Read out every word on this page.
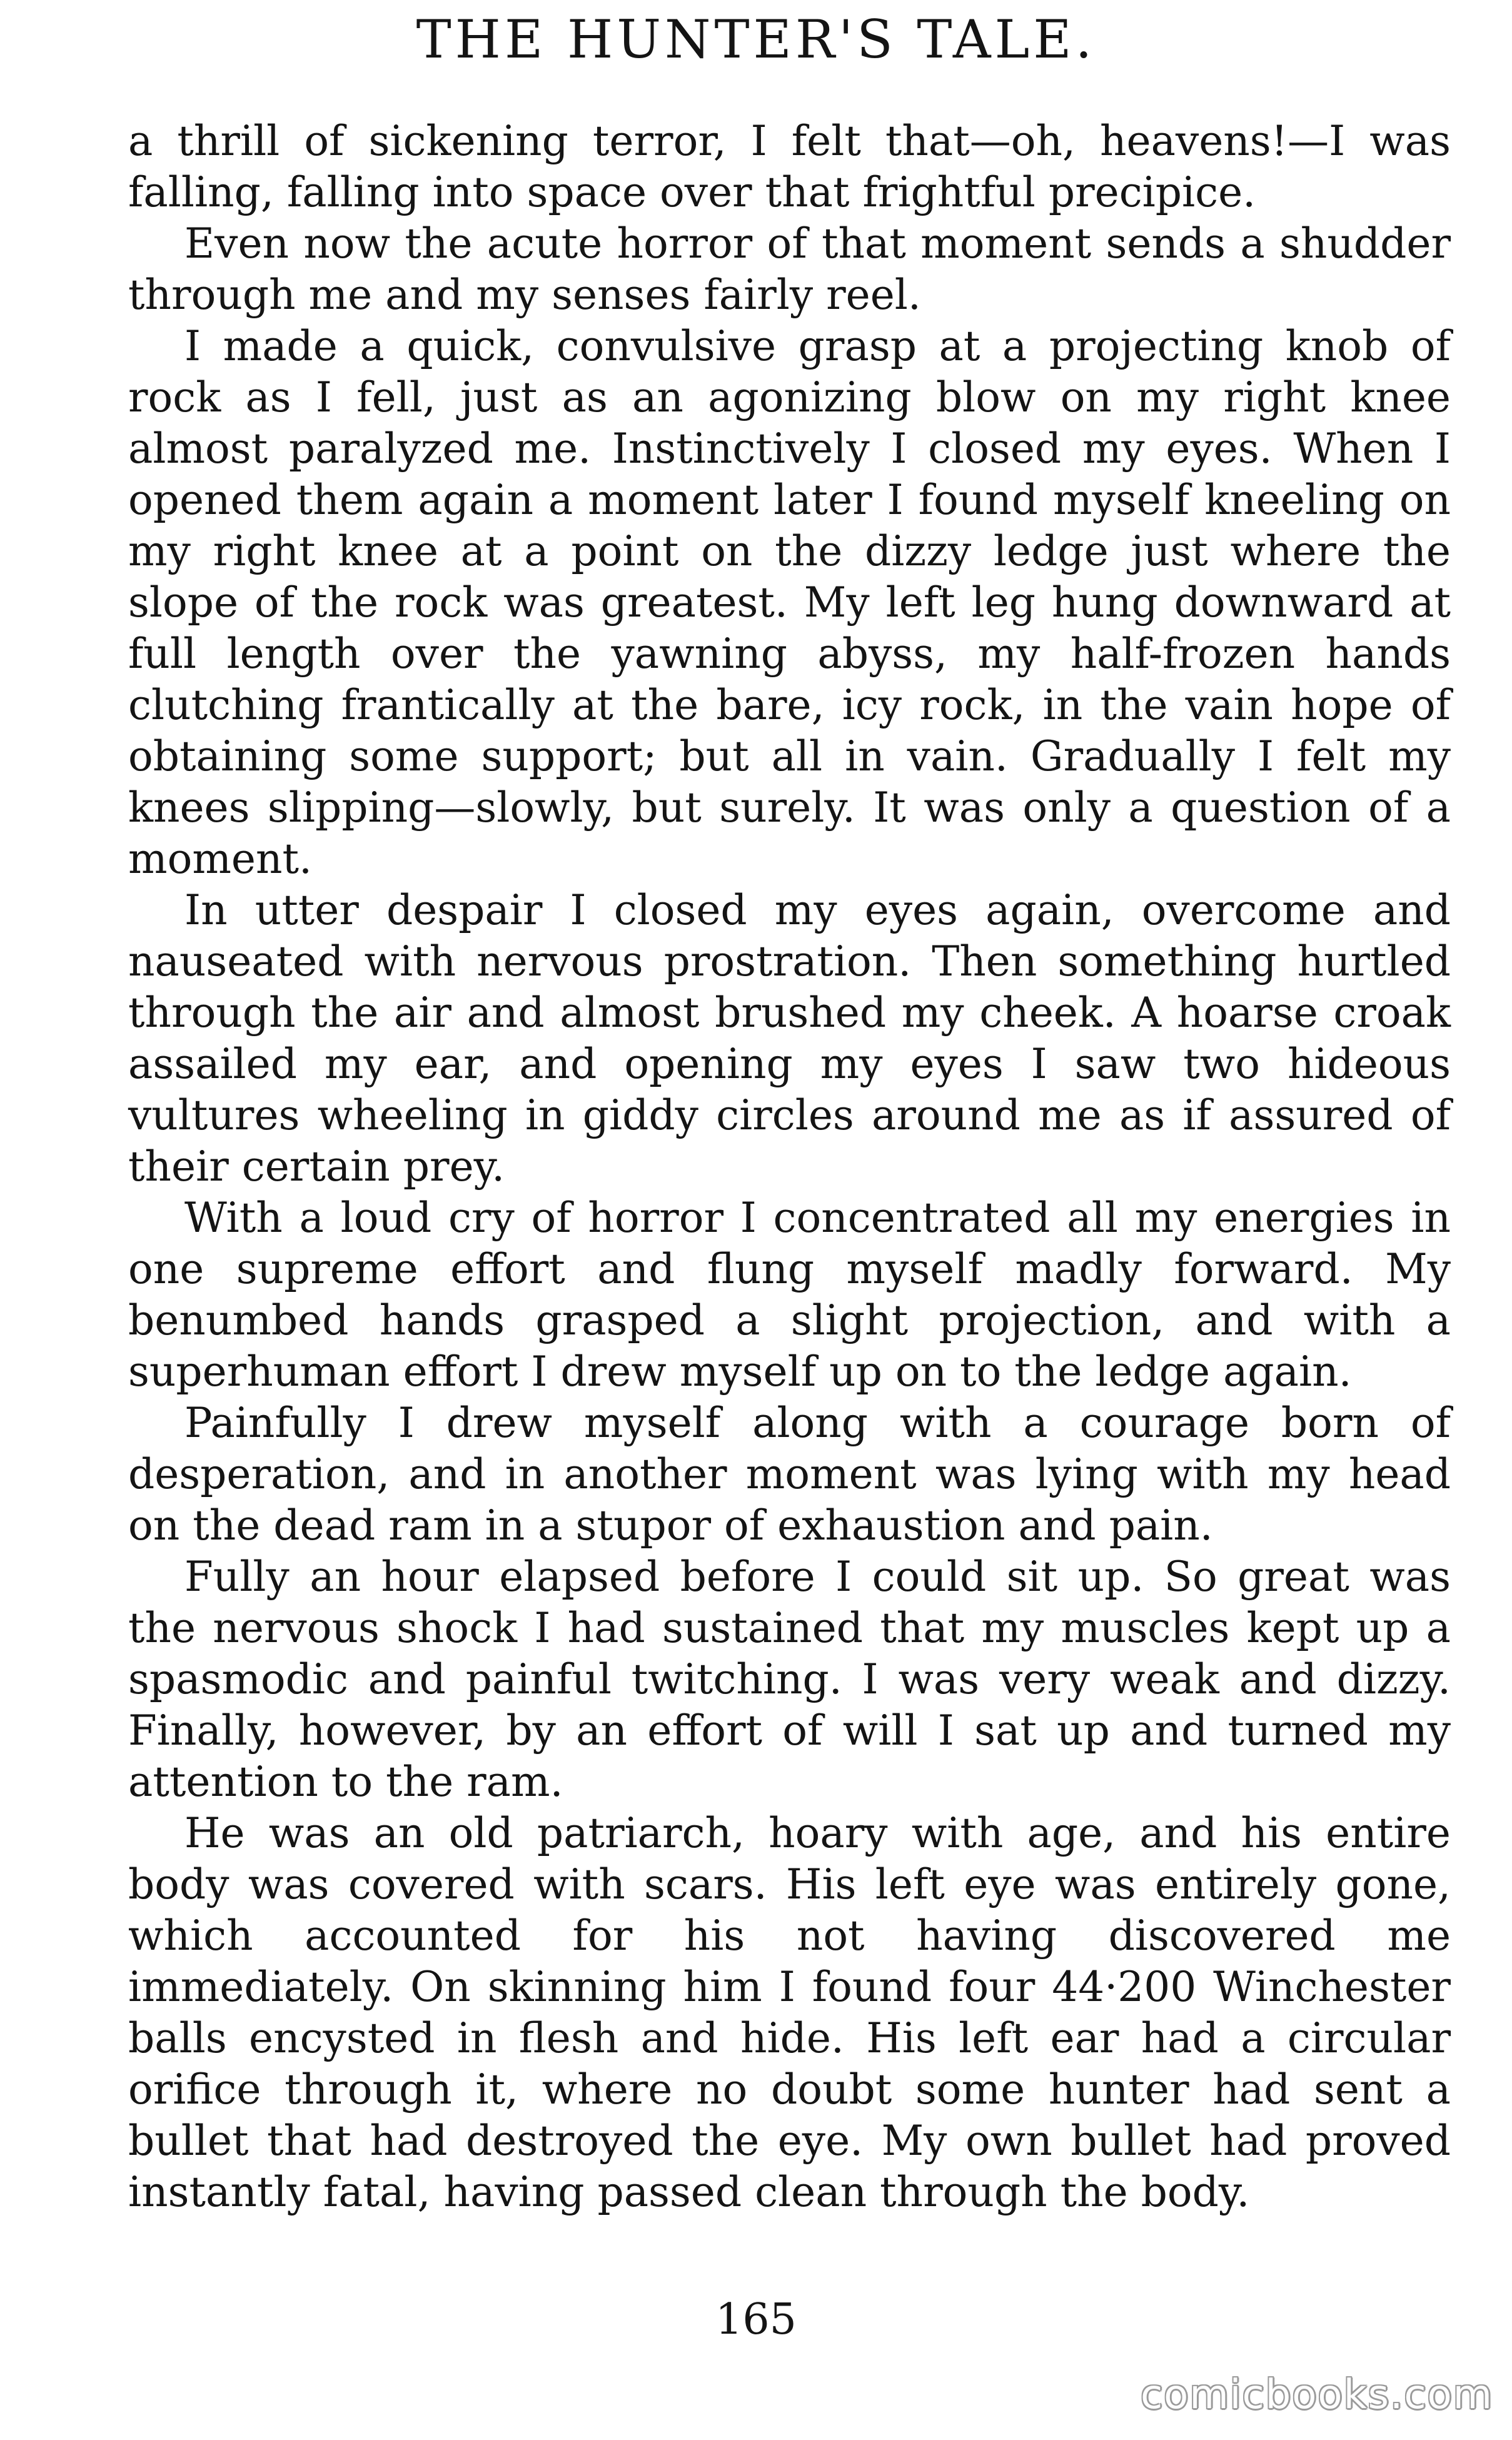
THE HUNTER'S TALE.

a thrill of sickening terror, I felt that—oh, heavens!—I was falling, falling into space over that frightful precipice.

Even now the acute horror of that moment sends a shudder through me and my senses fairly reel.

I made a quick, convulsive grasp at a projecting knob of rock as I fell, just as an agonizing blow on my right knee almost paralyzed me. Instinctively I closed my eyes. When I opened them again a moment later I found myself kneeling on my right knee at a point on the dizzy ledge just where the slope of the rock was greatest. My left leg hung downward at full length over the yawning abyss, my half-frozen hands clutching frantically at the bare, icy rock, in the vain hope of obtaining some support; but all in vain. Gradually I felt my knees slipping—slowly, but surely. It was only a question of a moment.

In utter despair I closed my eyes again, overcome and nauseated with nervous prostration. Then something hurtled through the air and almost brushed my cheek. A hoarse croak assailed my ear, and opening my eyes I saw two hideous vultures wheeling in giddy circles around me as if assured of their certain prey.

With a loud cry of horror I concentrated all my energies in one supreme effort and flung myself madly forward. My benumbed hands grasped a slight projection, and with a superhuman effort I drew myself up on to the ledge again.

Painfully I drew myself along with a courage born of desperation, and in another moment was lying with my head on the dead ram in a stupor of exhaustion and pain.

Fully an hour elapsed before I could sit up. So great was the nervous shock I had sustained that my muscles kept up a spasmodic and painful twitching. I was very weak and dizzy. Finally, however, by an effort of will I sat up and turned my attention to the ram.

He was an old patriarch, hoary with age, and his entire body was covered with scars. His left eye was entirely gone, which accounted for his not having discovered me immediately. On skinning him I found four 44·200 Winchester balls encysted in flesh and hide. His left ear had a circular orifice through it, where no doubt some hunter had sent a bullet that had destroyed the eye. My own bullet had proved instantly fatal, having passed clean through the body.

165
comicbooks.com
